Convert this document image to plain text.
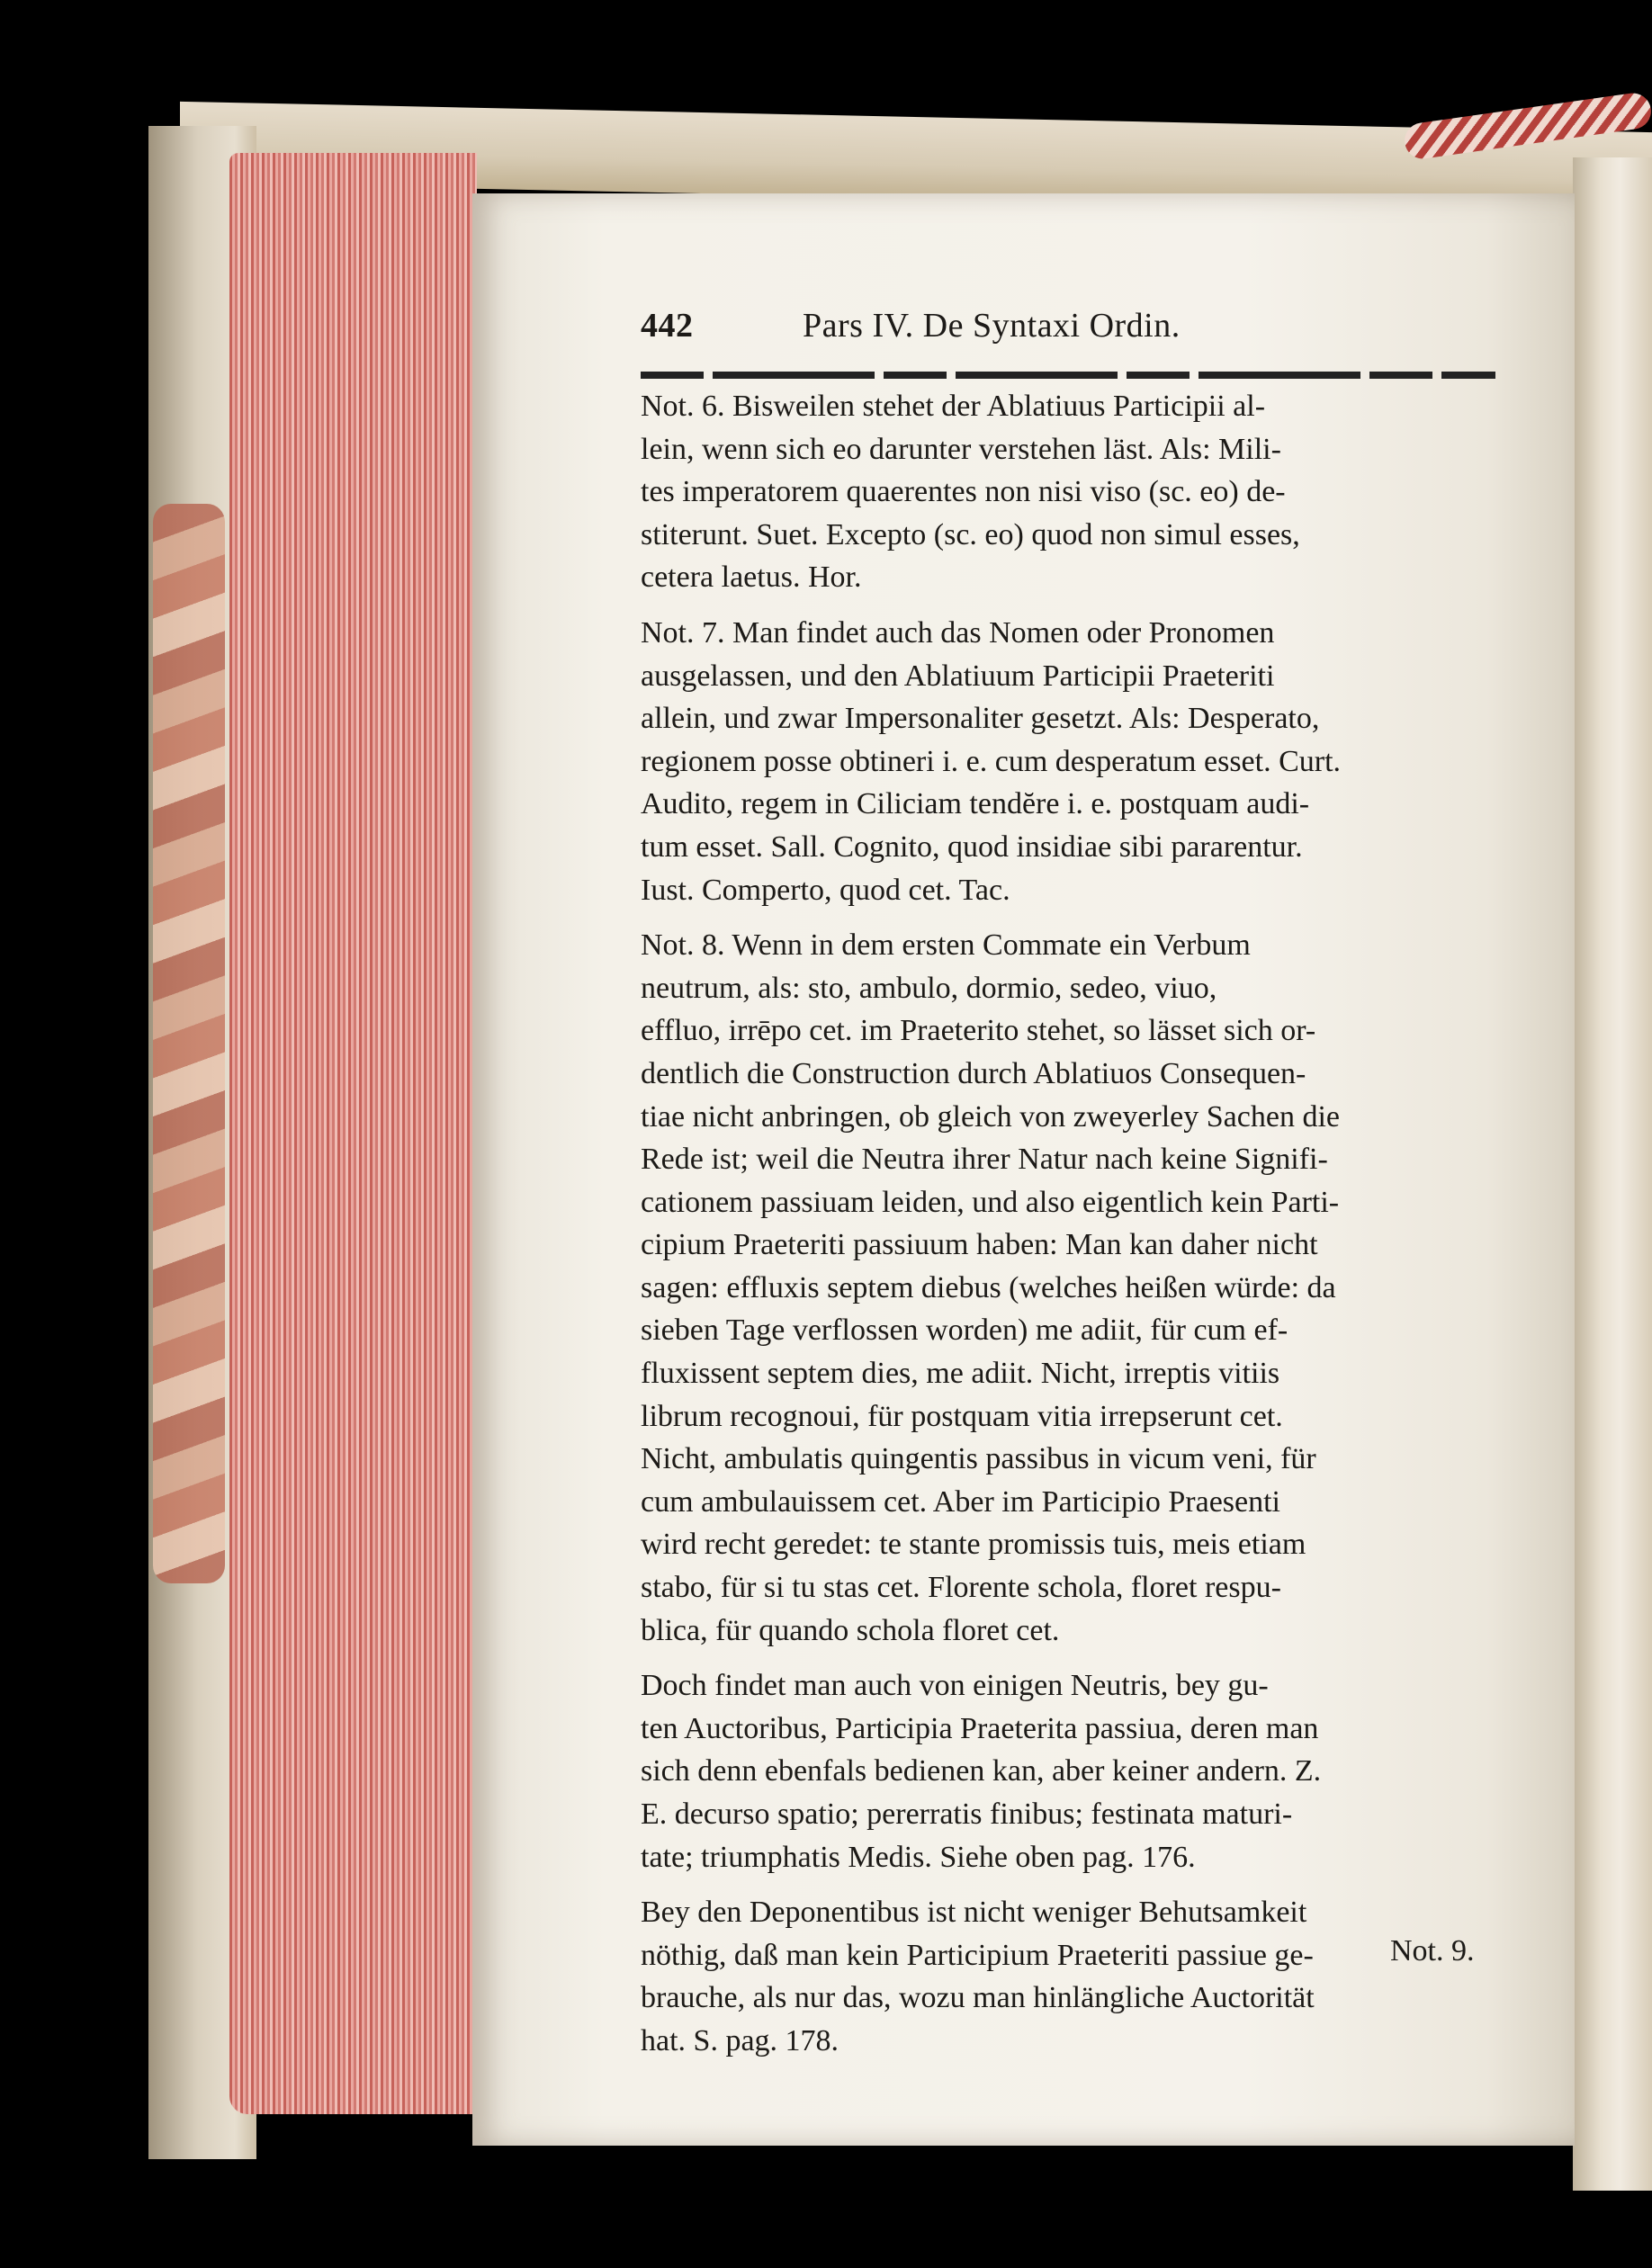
442	Pars IV. De Syntaxi Ordin.
Not. 6. Bisweilen stehet der Ablatiuus Participii al-
lein, wenn sich eo darunter verstehen läst. Als: Mili-
tes imperatorem quaerentes non nisi viso (sc. eo) de-
stiterunt. Suet. Excepto (sc. eo) quod non simul esses,
cetera laetus. Hor.
Not. 7. Man findet auch das Nomen oder Pronomen
ausgelassen, und den Ablatiuum Participii Praeteriti
allein, und zwar Impersonaliter gesetzt. Als: Desperato,
regionem posse obtineri i. e. cum desperatum esset. Curt.
Audito, regem in Ciliciam tendĕre i. e. postquam audi-
tum esset. Sall. Cognito, quod insidiae sibi pararentur.
Iust. Comperto, quod cet. Tac.
Not. 8. Wenn in dem ersten Commate ein Verbum
neutrum, als: sto, ambulo, dormio, sedeo, viuo,
effluo, irrēpo cet. im Praeterito stehet, so lässet sich or-
dentlich die Construction durch Ablatiuos Consequen-
tiae nicht anbringen, ob gleich von zweyerley Sachen die
Rede ist; weil die Neutra ihrer Natur nach keine Signifi-
cationem passiuam leiden, und also eigentlich kein Parti-
cipium Praeteriti passiuum haben: Man kan daher nicht
sagen: effluxis septem diebus (welches heißen würde: da
sieben Tage verflossen worden) me adiit, für cum ef-
fluxissent septem dies, me adiit. Nicht, irreptis vitiis
librum recognoui, für postquam vitia irrepserunt cet.
Nicht, ambulatis quingentis passibus in vicum veni, für
cum ambulauissem cet. Aber im Participio Praesenti
wird recht geredet: te stante promissis tuis, meis etiam
stabo, für si tu stas cet. Florente schola, floret respu-
blica, für quando schola floret cet.
Doch findet man auch von einigen Neutris, bey gu-
ten Auctoribus, Participia Praeterita passiua, deren man
sich denn ebenfals bedienen kan, aber keiner andern. Z.
E. decurso spatio; pererratis finibus; festinata maturi-
tate; triumphatis Medis. Siehe oben pag. 176.
Bey den Deponentibus ist nicht weniger Behutsamkeit
nöthig, daß man kein Participium Praeteriti passiue ge-
brauche, als nur das, wozu man hinlängliche Auctorität
hat. S. pag. 178.
Not. 9.
